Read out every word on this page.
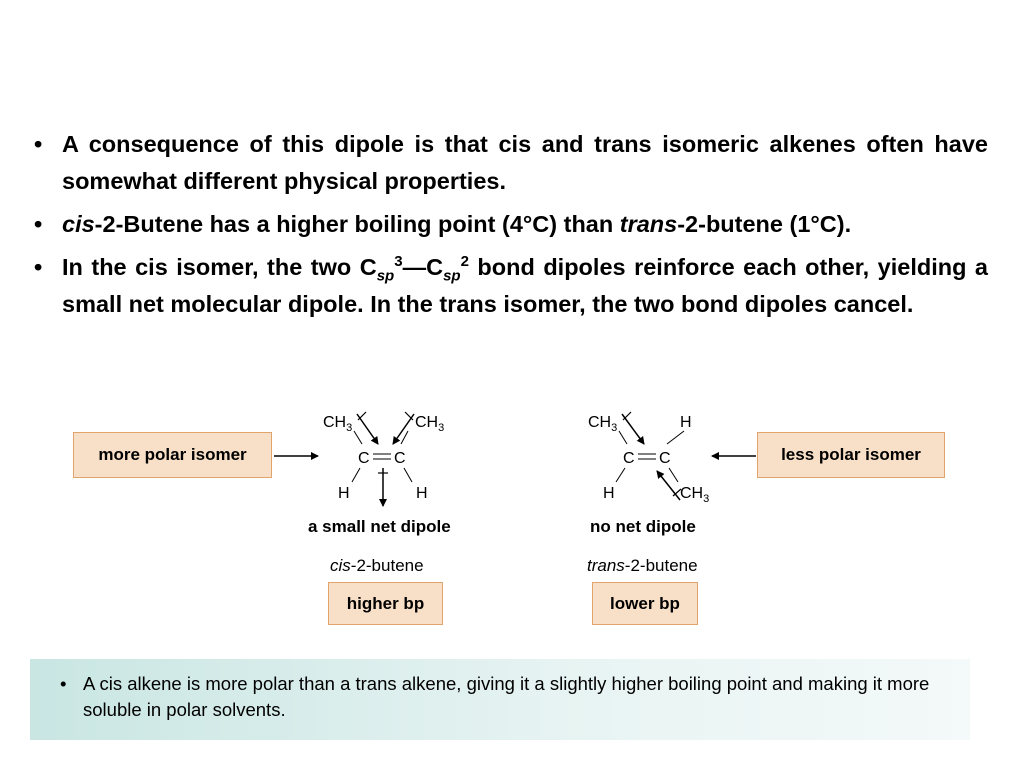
• A consequence of this dipole is that cis and trans isomeric alkenes often have somewhat different physical properties.
• cis-2-Butene has a higher boiling point (4°C) than trans-2-butene (1°C).
• In the cis isomer, the two $C_{sp}^3—C_{sp}^2$ bond dipoles reinforce each other, yielding a small net molecular dipole. In the trans isomer, the two bond dipoles cancel.
more polar isomer	less polar isomer
$CH_3$	$CH_3$
C C
H	H
$CH_3$	H
C C
H	$CH_3$
a small net dipole	no net dipole
cis-2-butene	trans-2-butene
higher bp	lower bp
• A cis alkene is more polar than a trans alkene, giving it a slightly higher boiling point and making it more soluble in polar solvents.
